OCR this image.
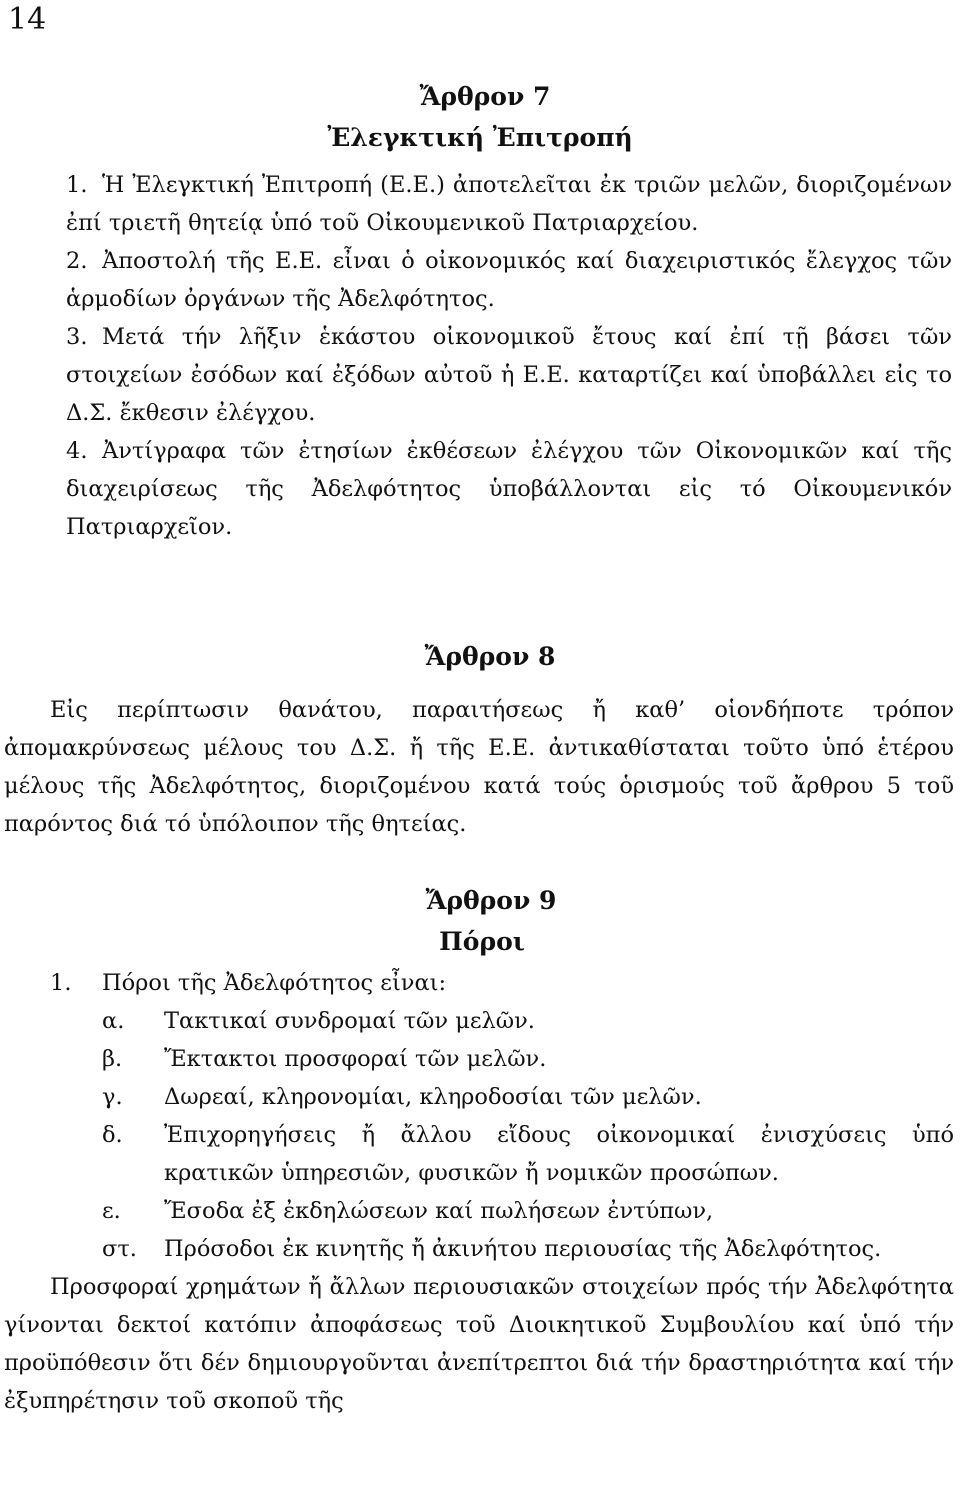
14
Ἄρθρον 7
Ἐλεγκτική Ἐπιτροπή
1. Ἡ Ἐλεγκτική Ἐπιτροπή (Ε.Ε.) ἀποτελεῖται ἐκ τριῶν μελῶν, διοριζομένων ἐπί τριετῆ θητείᾳ ὑπό τοῦ Οἰκουμενικοῦ Πατριαρχείου.
2. Ἀποστολή τῆς Ε.Ε. εἶναι ὁ οἰκονομικός καί διαχειριστικός ἔλεγχος τῶν ἁρμοδίων ὀργάνων τῆς Ἀδελφότητος.
3. Μετά τήν λῆξιν ἑκάστου οἰκονομικοῦ ἔτους καί ἐπί τῇ βάσει τῶν στοιχείων ἐσόδων καί ἐξόδων αὐτοῦ ἡ Ε.Ε. καταρτίζει καί ὑποβάλλει εἰς το Δ.Σ. ἔκθεσιν ἐλέγχου.
4. Ἀντίγραφα τῶν ἐτησίων ἐκθέσεων ἐλέγχου τῶν Οἰκονομικῶν καί τῆς διαχειρίσεως τῆς Ἀδελφότητος ὑποβάλλονται εἰς τό Οἰκουμενικόν Πατριαρχεῖον.
Ἄρθρον 8

Εἰς περίπτωσιν θανάτου, παραιτήσεως ἤ καθ’ οἱονδήποτε τρόπον ἀπομακρύνσεως μέλους του Δ.Σ. ἤ τῆς Ε.Ε. ἀντικαθίσταται τοῦτο ὑπό ἑτέρου μέλους τῆς Ἀδελφότητος, διοριζομένου κατά τούς ὁρισμούς τοῦ ἄρθρου 5 τοῦ παρόντος διά τό ὑπόλοιπον τῆς θητείας.

Ἄρθρον 9
Πόροι
1.	Πόροι τῆς Ἀδελφότητος εἶναι:
α.	Τακτικαί συνδρομαί τῶν μελῶν.
β.	Ἔκτακτοι προσφοραί τῶν μελῶν.
γ.	Δωρεαί, κληρονομίαι, κληροδοσίαι τῶν μελῶν.
δ.	Ἐπιχορηγήσεις ἤ ἄλλου εἴδους οἰκονομικαί ἐνισχύσεις ὑπό κρατικῶν ὑπηρεσιῶν, φυσικῶν ἤ νομικῶν προσώπων.
ε.	Ἔσοδα ἐξ ἐκδηλώσεων καί πωλήσεων ἐντύπων,
στ.	Πρόσοδοι ἐκ κινητῆς ἤ ἀκινήτου περιουσίας τῆς Ἀδελφότητος.

Προσφοραί χρημάτων ἤ ἄλλων περιουσιακῶν στοιχείων πρός τήν Ἀδελφότητα γίνονται δεκτοί κατόπιν ἀποφάσεως τοῦ Διοικητικοῦ Συμβουλίου καί ὑπό τήν προϋπόθεσιν ὅτι δέν δημιουργοῦνται ἀνεπίτρεπτοι διά τήν δραστηριότητα καί τήν ἐξυπηρέτησιν τοῦ σκοποῦ τῆς
